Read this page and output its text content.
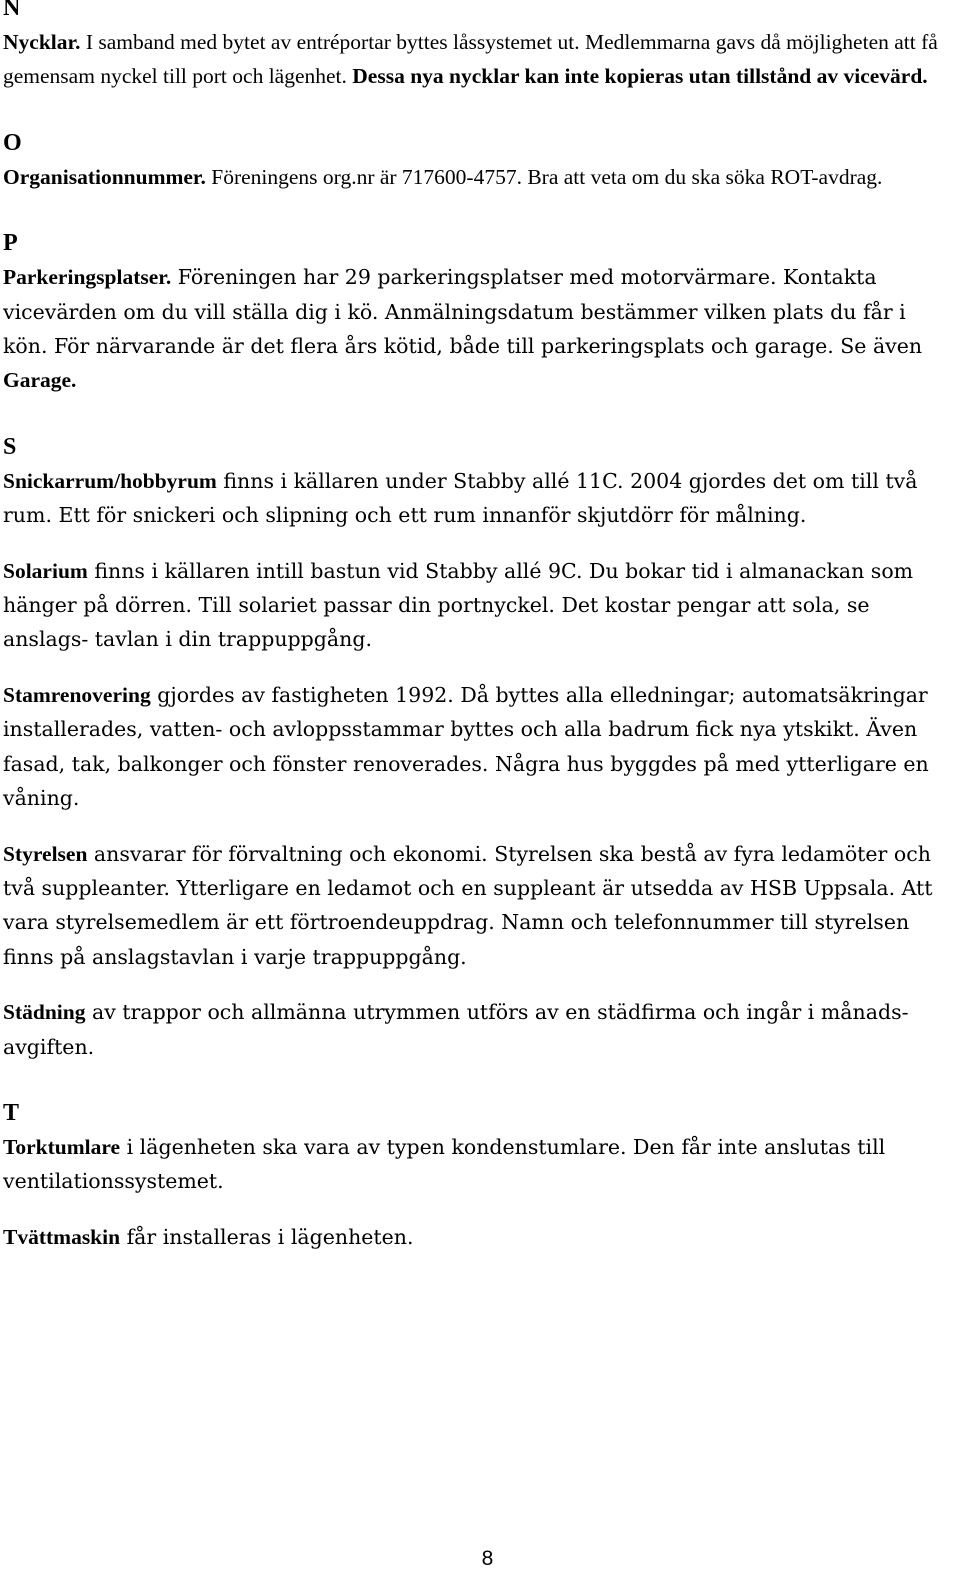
N

Nycklar. I samband med bytet av entréportar byttes låssystemet ut. Medlemmarna gavs då möjligheten att få gemensam nyckel till port och lägenhet. Dessa nya nycklar kan inte kopieras utan tillstånd av vicevärd.

O

Organisationnummer. Föreningens org.nr är 717600-4757. Bra att veta om du ska söka ROT-avdrag.

P

Parkeringsplatser. Föreningen har 29 parkeringsplatser med motorvärmare. Kontakta vicevärden om du vill ställa dig i kö. Anmälningsdatum bestämmer vilken plats du får i kön. För närvarande är det flera års kötid, både till parkeringsplats och garage. Se även Garage.

S

Snickarrum/hobbyrum finns i källaren under Stabby allé 11C. 2004 gjordes det om till två rum. Ett för snickeri och slipning och ett rum innanför skjutdörr för målning.

Solarium finns i källaren intill bastun vid Stabby allé 9C. Du bokar tid i almanackan som hänger på dörren. Till solariet passar din portnyckel. Det kostar pengar att sola, se anslags- tavlan i din trappuppgång.

Stamrenovering gjordes av fastigheten 1992. Då byttes alla elledningar; automatsäkringar installerades, vatten- och avloppsstammar byttes och alla badrum fick nya ytskikt. Även fasad, tak, balkonger och fönster renoverades. Några hus byggdes på med ytterligare en våning.

Styrelsen ansvarar för förvaltning och ekonomi. Styrelsen ska bestå av fyra ledamöter och två suppleanter. Ytterligare en ledamot och en suppleant är utsedda av HSB Uppsala. Att vara styrelsemedlem är ett förtroendeuppdrag. Namn och telefonnummer till styrelsen finns på anslagstavlan i varje trappuppgång.

Städning av trappor och allmänna utrymmen utförs av en städfirma och ingår i månads- avgiften.

T

Torktumlare i lägenheten ska vara av typen kondenstumlare. Den får inte anslutas till ventilationssystemet.

Tvättmaskin får installeras i lägenheten.

8
